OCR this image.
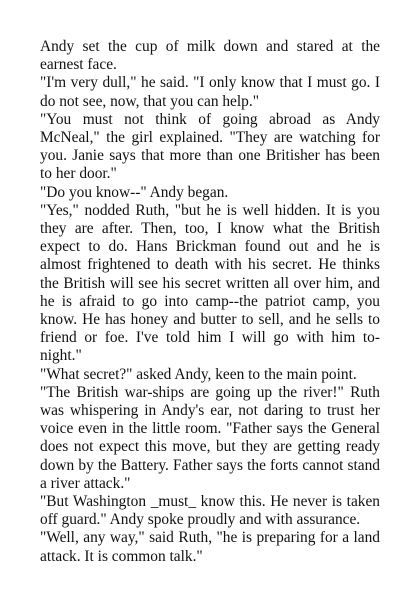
Andy set the cup of milk down and stared at the earnest face.

"I'm very dull," he said. "I only know that I must go. I do not see, now, that you can help."

"You must not think of going abroad as Andy McNeal," the girl explained. "They are watching for you. Janie says that more than one Britisher has been to her door."

"Do you know--" Andy began.

"Yes," nodded Ruth, "but he is well hidden. It is you they are after. Then, too, I know what the British expect to do. Hans Brickman found out and he is almost frightened to death with his secret. He thinks the British will see his secret written all over him, and he is afraid to go into camp--the patriot camp, you know. He has honey and butter to sell, and he sells to friend or foe. I've told him I will go with him to-night."

"What secret?" asked Andy, keen to the main point.

"The British war-ships are going up the river!" Ruth was whispering in Andy's ear, not daring to trust her voice even in the little room. "Father says the General does not expect this move, but they are getting ready down by the Battery. Father says the forts cannot stand a river attack."

"But Washington _must_ know this. He never is taken off guard." Andy spoke proudly and with assurance.

"Well, any way," said Ruth, "he is preparing for a land attack. It is common talk."
